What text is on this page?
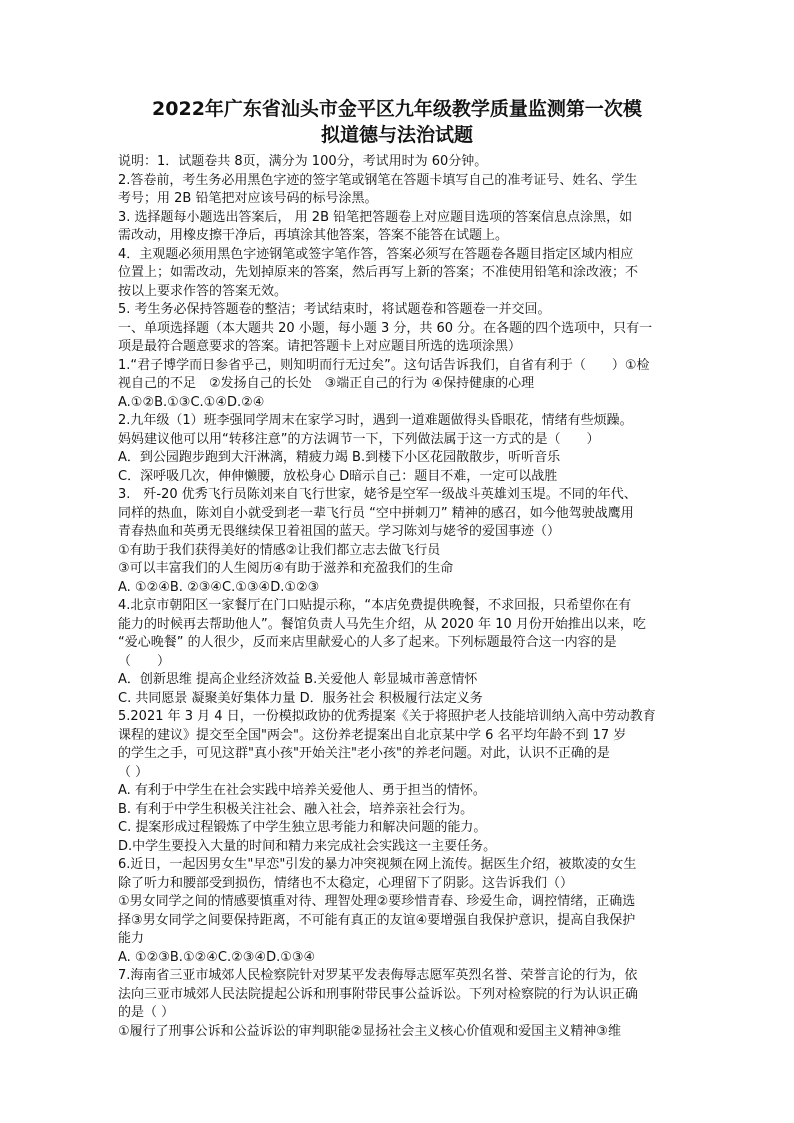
2022年广东省汕头市金平区九年级教学质量监测第一次模
拟道德与法治试题

说明：1．试题卷共 8页，满分为 100分，考试用时为 60分钟。

2.答卷前，考生务必用黑色字迹的签字笔或钢笔在答题卡填写自己的准考证号、姓名、学生

考号；用 2B 铅笔把对应该号码的标号涂黑。

3. 选择题每小题选出答案后， 用 2B 铅笔把答题卷上对应题目选项的答案信息点涂黑，如

需改动，用橡皮擦干净后，再填涂其他答案，答案不能答在试题上。

4．主观题必须用黑色字迹钢笔或签字笔作答，答案必须写在答题卷各题目指定区域内相应

位置上；如需改动，先划掉原来的答案，然后再写上新的答案；不准使用铅笔和涂改液；不

按以上要求作答的答案无效。

5. 考生务必保持答题卷的整洁；考试结束时，将试题卷和答题卷一并交回。

一、单项选择题（本大题共 20 小题，每小题 3 分，共 60 分。在各题的四个选项中，只有一

项是最符合题意要求的答案。请把答题卡上对应题目所选的选项涂黑）

1.“君子博学而日参省乎己，则知明而行无过矣”。这句话告诉我们，自省有利于（　　）①检

视自己的不足　②发扬自己的长处　③端正自己的行为 ④保持健康的心理

A.①②B.①③C.①④D.②④

2.九年级（1）班李强同学周末在家学习时，遇到一道难题做得头昏眼花，情绪有些烦躁。

妈妈建议他可以用“转移注意”的方法调节一下，下列做法属于这一方式的是（　　）

A．到公园跑步跑到大汗淋漓，精疲力竭 B.到楼下小区花园散散步，听听音乐

C．深呼吸几次，伸伸懒腰，放松身心 D暗示自己：题目不难，一定可以战胜

3.　歼-20 优秀飞行员陈刘来自飞行世家，姥爷是空军一级战斗英雄刘玉堤。不同的年代、

同样的热血，陈刘自小就受到老一辈飞行员 “空中拼刺刀” 精神的感召，如今他驾驶战鹰用

青春热血和英勇无畏继续保卫着祖国的蓝天。学习陈刘与姥爷的爱国事迹（）

①有助于我们获得美好的情感②让我们都立志去做飞行员

③可以丰富我们的人生阅历④有助于滋养和充盈我们的生命

A. ①②④B. ②③④C.①③④D.①②③

4.北京市朝阳区一家餐厅在门口贴提示称，“本店免费提供晚餐，不求回报，只希望你在有

能力的时候再去帮助他人”。餐馆负责人马先生介绍，从 2020 年 10 月份开始推出以来，吃

“爱心晚餐” 的人很少，反而来店里献爱心的人多了起来。下列标题最符合这一内容的是

（　　）

A．创新思维 提高企业经济效益 B.关爱他人 彰显城市善意情怀

C. 共同愿景 凝聚美好集体力量 D．服务社会 积极履行法定义务

5.2021 年 3 月 4 日，一份模拟政协的优秀提案《关于将照护老人技能培训纳入高中劳动教育

课程的建议》提交至全国"两会"。这份养老提案出自北京某中学 6 名平均年龄不到 17 岁

的学生之手，可见这群"真小孩"开始关注"老小孩"的养老问题。对此，认识不正确的是

（ ）

A. 有利于中学生在社会实践中培养关爱他人、勇于担当的情怀。

B. 有利于中学生积极关注社会、融入社会，培养亲社会行为。

C. 提案形成过程锻炼了中学生独立思考能力和解决问题的能力。

D.中学生要投入大量的时间和精力来完成社会实践这一主要任务。

6.近日，一起因男女生"早恋"引发的暴力冲突视频在网上流传。据医生介绍，被欺凌的女生

除了听力和腰部受到损伤，情绪也不太稳定，心理留下了阴影。这告诉我们（）

①男女同学之间的情感要慎重对待、理智处理②要珍惜青春、珍爱生命，调控情绪，正确选

择③男女同学之间要保持距离，不可能有真正的友谊④要增强自我保护意识，提高自我保护

能力

A. ①②③B.①②④C.②③④D.①③④

7.海南省三亚市城郊人民检察院针对罗某平发表侮辱志愿军英烈名誉、荣誉言论的行为，依

法向三亚市城郊人民法院提起公诉和刑事附带民事公益诉讼。下列对检察院的行为认识正确

的是（ ）

①履行了刑事公诉和公益诉讼的审判职能②显扬社会主义核心价值观和爱国主义精神③维
